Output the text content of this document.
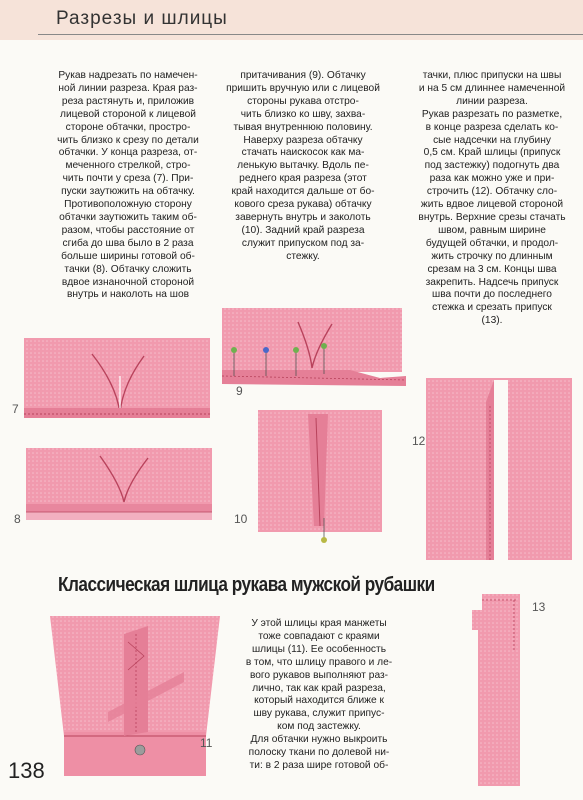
Разрезы и шлицы
Рукав надрезать по намечен-
ной линии разреза. Края раз-
реза растянуть и, приложив
лицевой стороной к лицевой
стороне обтачки, простро-
чить близко к срезу по детали
обтачки. У конца разреза, от-
меченного стрелкой, стро-
чить почти у среза (7). При-
пуски заутюжить на обтачку.
Противоположную сторону
обтачки заутюжить таким об-
разом, чтобы расстояние от
сгиба до шва было в 2 раза
больше ширины готовой об-
тачки (8). Обтачку сложить
вдвое изнаночной стороной
внутрь и наколоть на шов
притачивания (9). Обтачку
пришить вручную или с лицевой
стороны рукава отстро-
чить близко ко шву, захва-
тывая внутреннюю половину.
Наверху разреза обтачку
стачать наискосок как ма-
ленькую вытачку. Вдоль пе-
реднего края разреза (этот
край находится дальше от бо-
кового среза рукава) обтачку
завернуть внутрь и заколоть
(10). Задний край разреза
служит припуском под за-
стежку.
тачки, плюс припуски на швы
и на 5 см длиннее намеченной
линии разреза.
Рукав разрезать по разметке,
в конце разреза сделать ко-
сые надсечки на глубину
0,5 см. Край шлицы (припуск
под застежку) подогнуть два
раза как можно уже и при-
строчить (12). Обтачку сло-
жить вдвое лицевой стороной
внутрь. Верхние срезы стачать
швом, равным ширине
будущей обтачки, и продол-
жить строчку по длинным
срезам на 3 см. Концы шва
закрепить. Надсечь припуск
шва почти до последнего
стежка и срезать припуск
(13).
У этой шлицы края манжеты
тоже совпадают с краями
шлицы (11). Ее особенность
в том, что шлицу правого и ле-
вого рукавов выполняют раз-
лично, так как край разреза,
который находится ближе к
шву рукава, служит припус-
ком под застежку.
Для обтачки нужно выкроить
полоску ткани по долевой ни-
ти: в 2 раза шире готовой об-
7
8
9
10
12
11
13
Классическая шлица рукава мужской рубашки
138
